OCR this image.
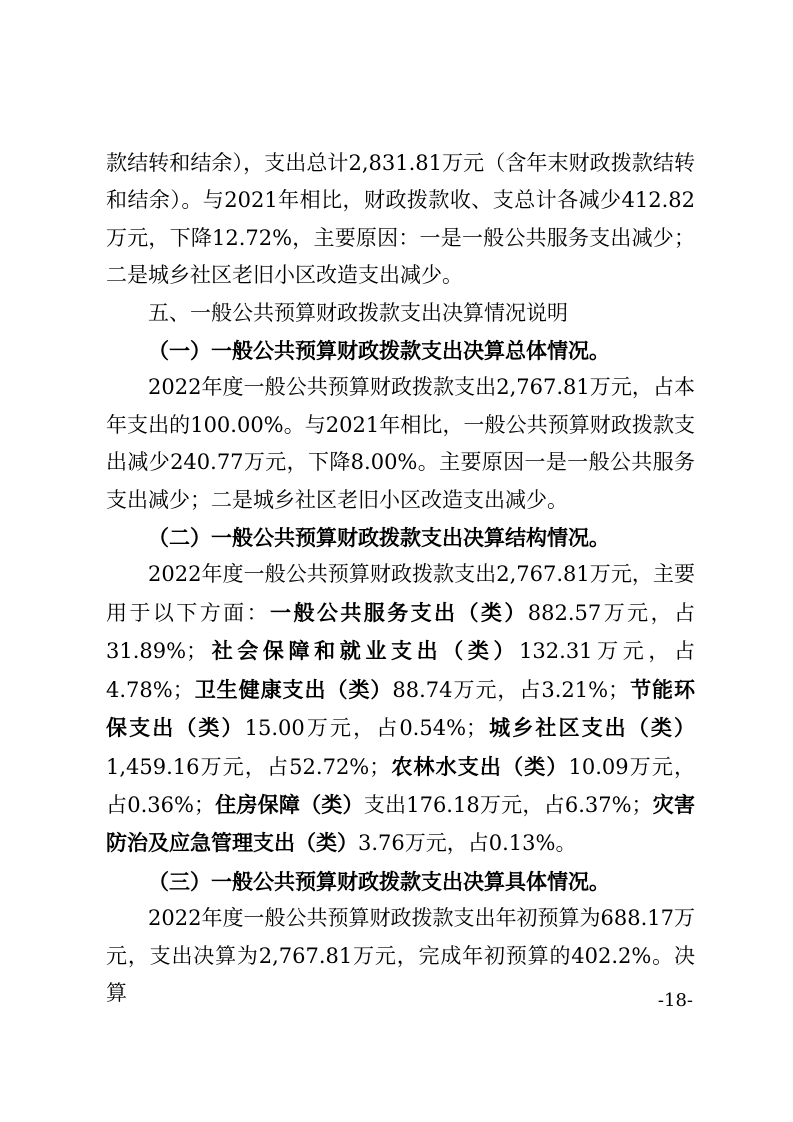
款结转和结余），支出总计2,831.81万元（含年末财政拨款结转和结余）。与2021年相比，财政拨款收、支总计各减少412.82万元，下降12.72%，主要原因：一是一般公共服务支出减少；二是城乡社区老旧小区改造支出减少。

五、一般公共预算财政拨款支出决算情况说明

（一）一般公共预算财政拨款支出决算总体情况。

2022年度一般公共预算财政拨款支出2,767.81万元，占本年支出的100.00%。与2021年相比，一般公共预算财政拨款支出减少240.77万元，下降8.00%。主要原因一是一般公共服务支出减少；二是城乡社区老旧小区改造支出减少。

（二）一般公共预算财政拨款支出决算结构情况。

2022年度一般公共预算财政拨款支出2,767.81万元，主要用于以下方面：一般公共服务支出（类）882.57万元，占31.89%；社会保障和就业支出（类）132.31万元，占4.78%；卫生健康支出（类）88.74万元，占3.21%；节能环保支出（类）15.00万元，占0.54%；城乡社区支出（类）1,459.16万元，占52.72%；农林水支出（类）10.09万元，占0.36%；住房保障（类）支出176.18万元，占6.37%；灾害防治及应急管理支出（类）3.76万元，占0.13%。

（三）一般公共预算财政拨款支出决算具体情况。

2022年度一般公共预算财政拨款支出年初预算为688.17万元，支出决算为2,767.81万元，完成年初预算的402.2%。决算	-18-
